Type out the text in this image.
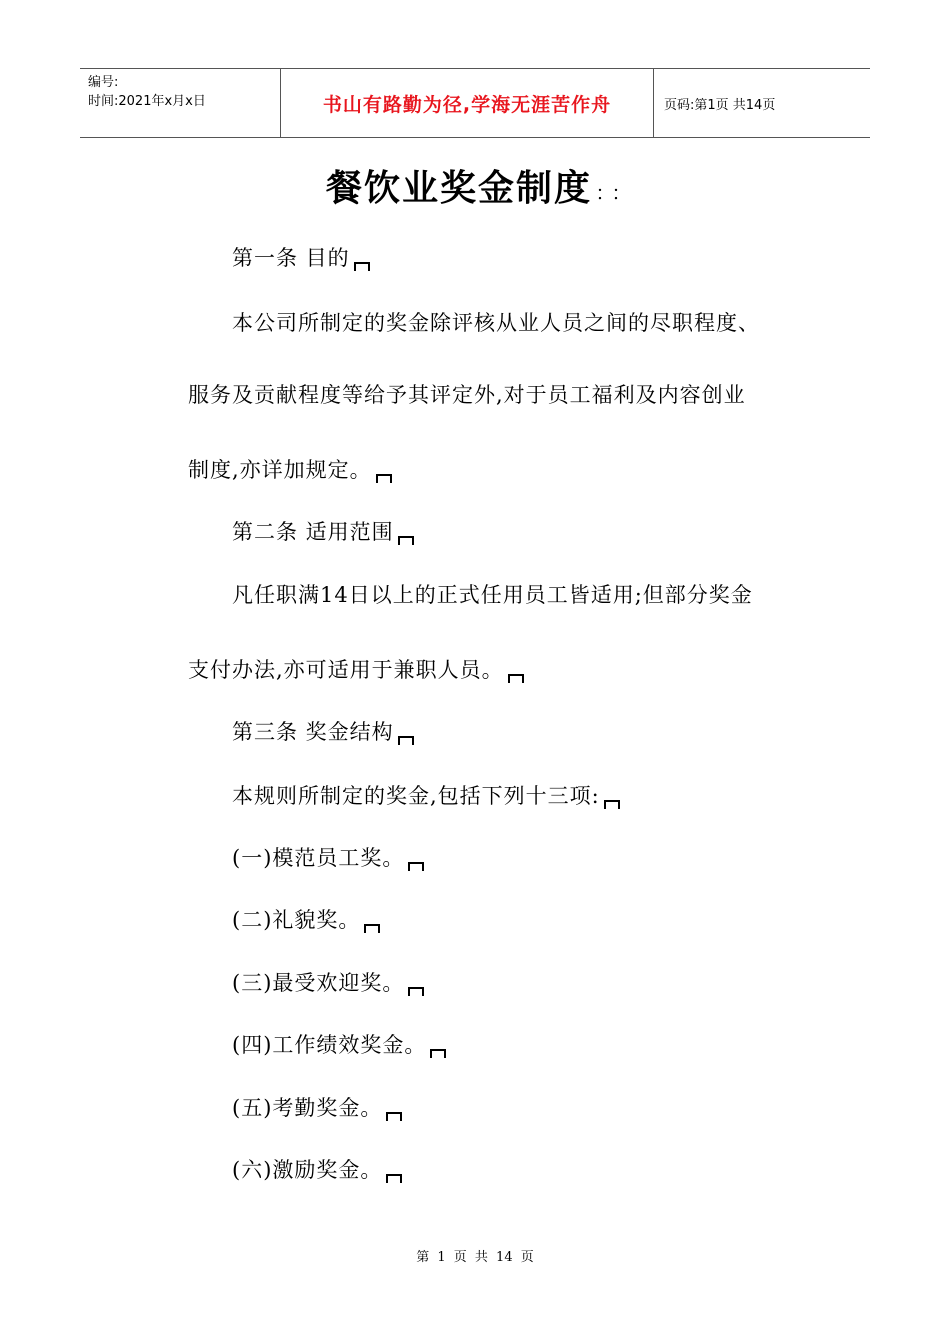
编号:
时间:2021年x月x日	书山有路勤为径,学海无涯苦作舟	页码:第1页 共14页
餐饮业奖金制度︰︰
第一条 目的
本公司所制定的奖金除评核从业人员之间的尽职程度、
服务及贡献程度等给予其评定外,对于员工福利及内容创业
制度,亦详加规定。
第二条 适用范围
凡任职满14日以上的正式任用员工皆适用;但部分奖金
支付办法,亦可适用于兼职人员。
第三条 奖金结构
本规则所制定的奖金,包括下列十三项:
(一)模范员工奖。
(二)礼貌奖。
(三)最受欢迎奖。
(四)工作绩效奖金。
(五)考勤奖金。
(六)激励奖金。
第 1 页 共 14 页
